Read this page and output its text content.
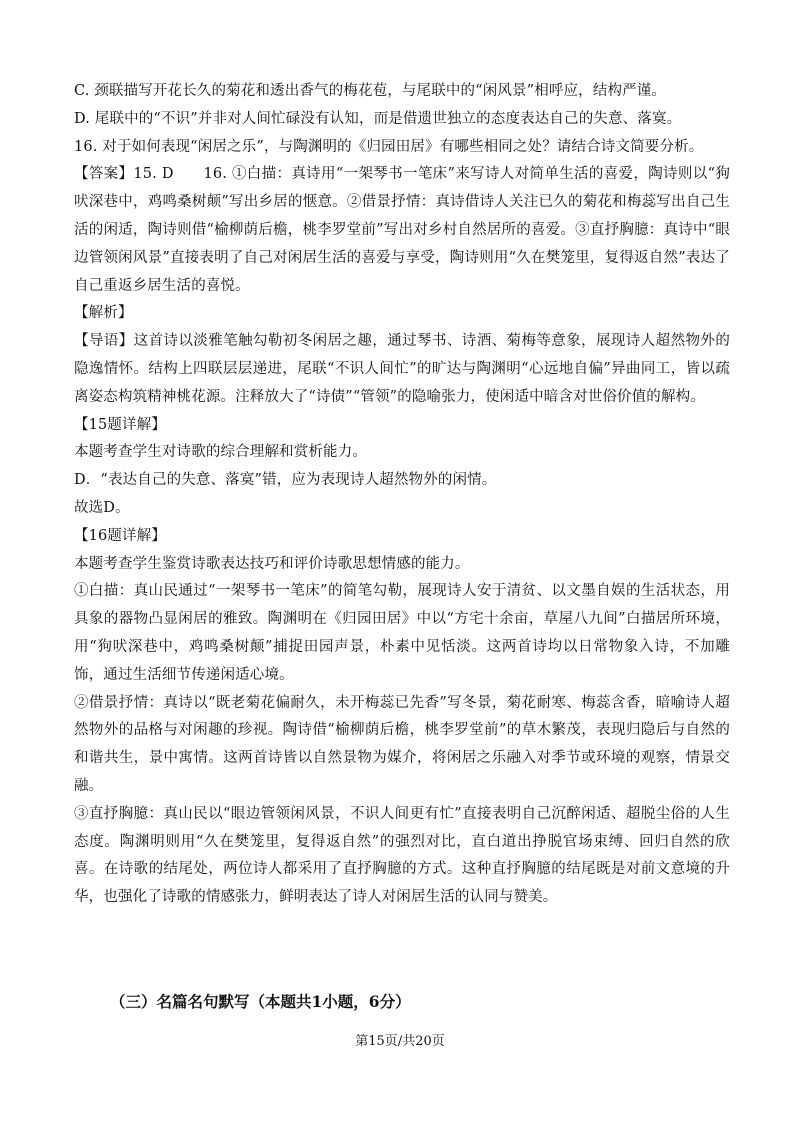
C. 颈联描写开花长久的菊花和透出香气的梅花苞，与尾联中的“闲风景”相呼应，结构严谨。

D. 尾联中的“不识”并非对人间忙碌没有认知，而是借遗世独立的态度表达自己的失意、落寞。

16. 对于如何表现“闲居之乐”，与陶渊明的《归园田居》有哪些相同之处？请结合诗文简要分析。

【答案】15. D　　16. ①白描：真诗用“一架琴书一笔床”来写诗人对简单生活的喜爱，陶诗则以“狗吠深巷中，鸡鸣桑树颠”写出乡居的惬意。②借景抒情：真诗借诗人关注已久的菊花和梅蕊写出自己生活的闲适，陶诗则借“榆柳荫后檐，桃李罗堂前”写出对乡村自然居所的喜爱。③直抒胸臆：真诗中“眼边管领闲风景”直接表明了自己对闲居生活的喜爱与享受，陶诗则用“久在樊笼里，复得返自然”表达了自己重返乡居生活的喜悦。

【解析】

【导语】这首诗以淡雅笔触勾勒初冬闲居之趣，通过琴书、诗酒、菊梅等意象，展现诗人超然物外的隐逸情怀。结构上四联层层递进，尾联“不识人间忙”的旷达与陶渊明“心远地自偏”异曲同工，皆以疏离姿态构筑精神桃花源。注释放大了“诗债”“管领”的隐喻张力，使闲适中暗含对世俗价值的解构。

【15题详解】

本题考查学生对诗歌的综合理解和赏析能力。

D．“表达自己的失意、落寞”错，应为表现诗人超然物外的闲情。

故选D。

【16题详解】

本题考查学生鉴赏诗歌表达技巧和评价诗歌思想情感的能力。

①白描：真山民通过“一架琴书一笔床”的简笔勾勒，展现诗人安于清贫、以文墨自娱的生活状态，用具象的器物凸显闲居的雅致。陶渊明在《归园田居》中以“方宅十余亩，草屋八九间”白描居所环境，用“狗吠深巷中，鸡鸣桑树颠”捕捉田园声景，朴素中见恬淡。这两首诗均以日常物象入诗，不加雕饰，通过生活细节传递闲适心境。

②借景抒情：真诗以“既老菊花偏耐久，未开梅蕊已先香”写冬景，菊花耐寒、梅蕊含香，暗喻诗人超然物外的品格与对闲趣的珍视。陶诗借“榆柳荫后檐，桃李罗堂前”的草木繁茂，表现归隐后与自然的和谐共生，景中寓情。这两首诗皆以自然景物为媒介，将闲居之乐融入对季节或环境的观察，情景交融。

③直抒胸臆：真山民以“眼边管领闲风景，不识人间更有忙”直接表明自己沉醉闲适、超脱尘俗的人生态度。陶渊明则用“久在樊笼里，复得返自然”的强烈对比，直白道出挣脱官场束缚、回归自然的欣喜。在诗歌的结尾处，两位诗人都采用了直抒胸臆的方式。这种直抒胸臆的结尾既是对前文意境的升华，也强化了诗歌的情感张力，鲜明表达了诗人对闲居生活的认同与赞美。

（三）名篇名句默写（本题共1小题，6分）
第15页/共20页
